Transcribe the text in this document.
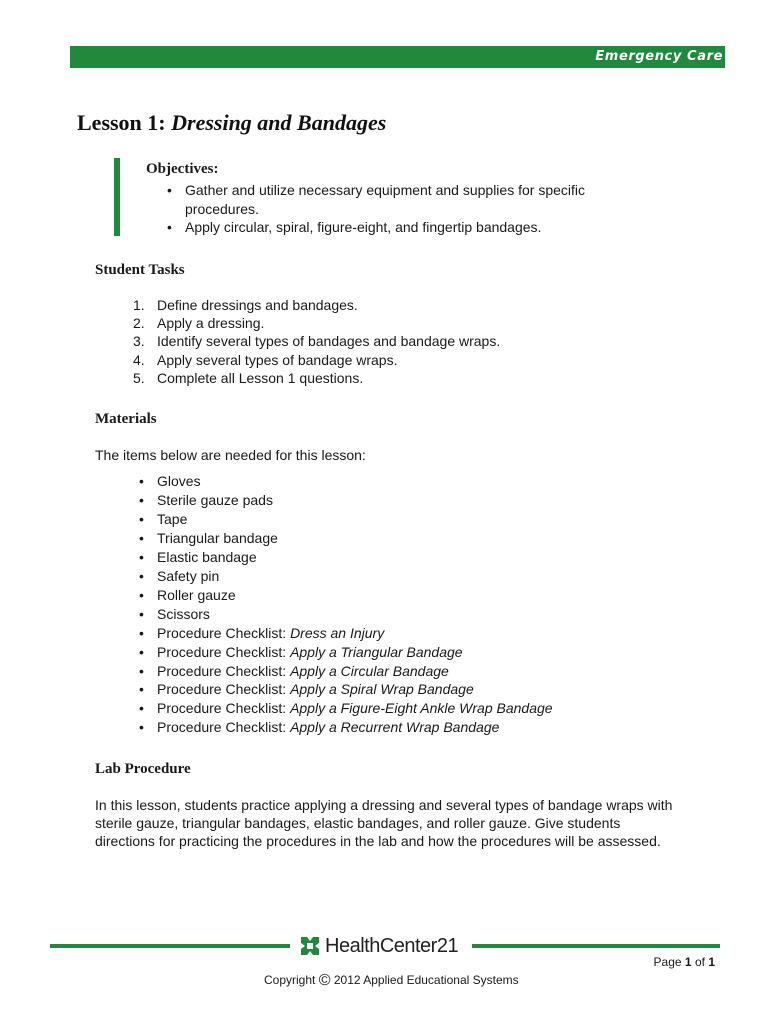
Emergency Care
Lesson 1: Dressing and Bandages
Objectives:
• Gather and utilize necessary equipment and supplies for specific procedures.
• Apply circular, spiral, figure-eight, and fingertip bandages.
Student Tasks
1. Define dressings and bandages.
2. Apply a dressing.
3. Identify several types of bandages and bandage wraps.
4. Apply several types of bandage wraps.
5. Complete all Lesson 1 questions.
Materials

The items below are needed for this lesson:

• Gloves
• Sterile gauze pads
• Tape
• Triangular bandage
• Elastic bandage
• Safety pin
• Roller gauze
• Scissors
• Procedure Checklist: Dress an Injury
• Procedure Checklist: Apply a Triangular Bandage
• Procedure Checklist: Apply a Circular Bandage
• Procedure Checklist: Apply a Spiral Wrap Bandage
• Procedure Checklist: Apply a Figure-Eight Ankle Wrap Bandage
• Procedure Checklist: Apply a Recurrent Wrap Bandage
Lab Procedure

In this lesson, students practice applying a dressing and several types of bandage wraps with
sterile gauze, triangular bandages, elastic bandages, and roller gauze. Give students
directions for practicing the procedures in the lab and how the procedures will be assessed.

HealthCenter21
Page 1 of 1
Copyright © 2012 Applied Educational Systems
